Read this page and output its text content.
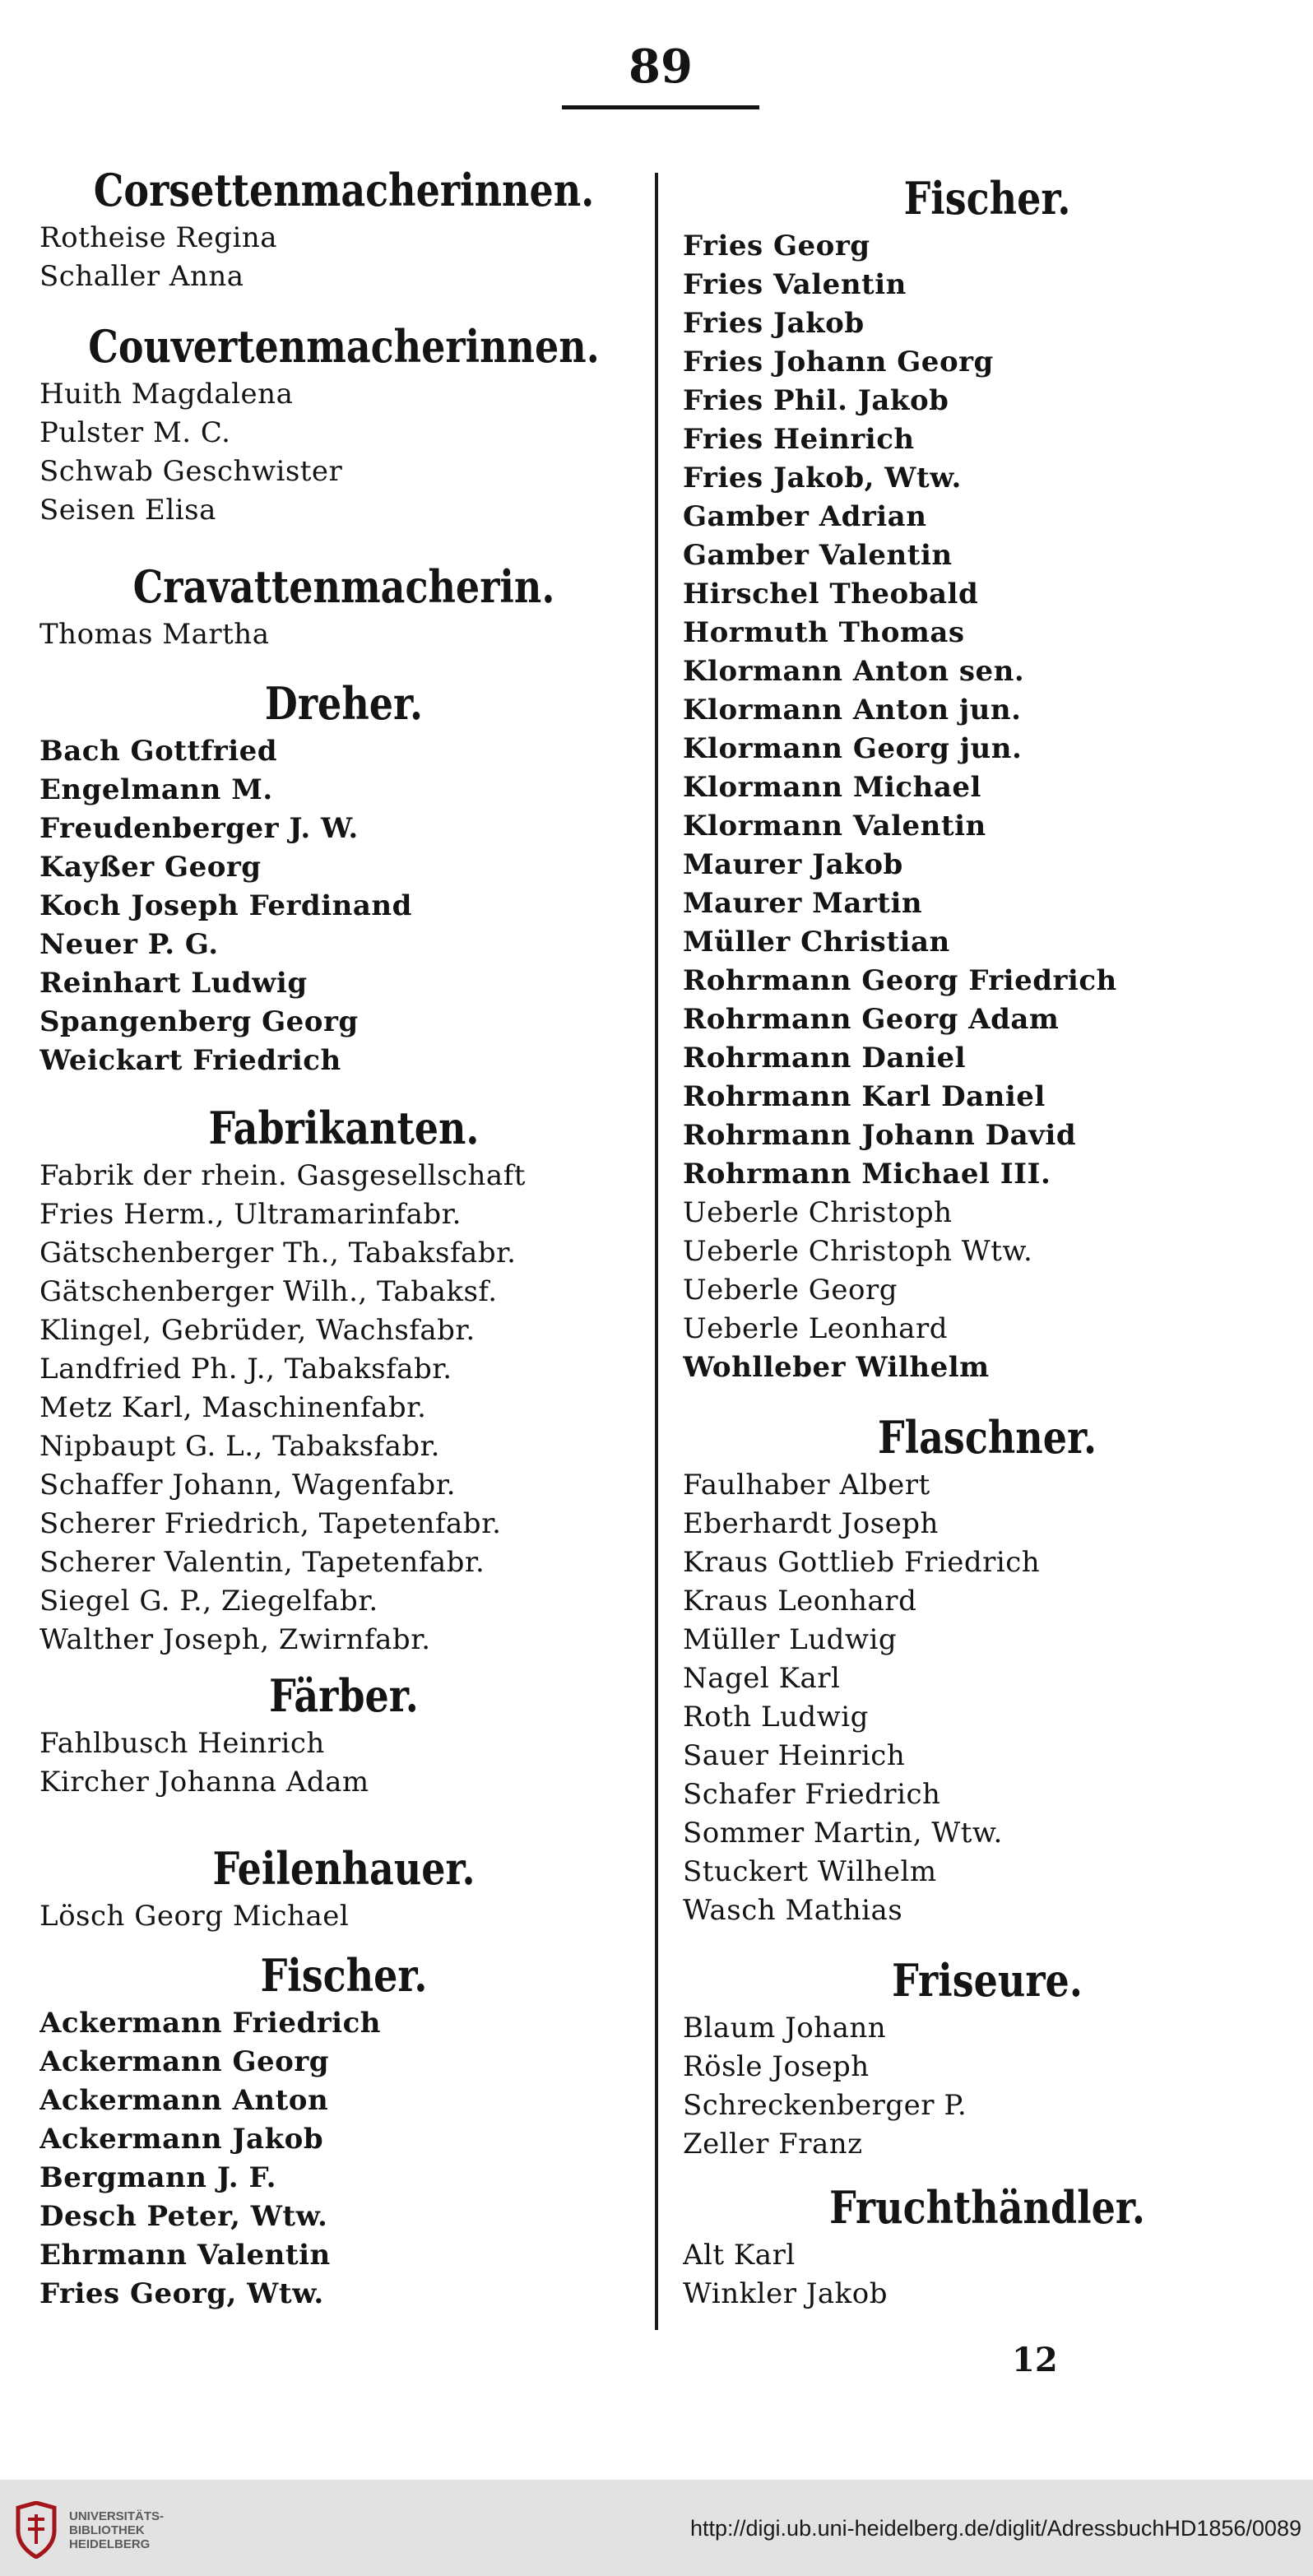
89
Corsettenmacherinnen.
Rotheise Regina
Schaller Anna
Couvertenmacherinnen.
Huith Magdalena
Pulster M. C.
Schwab Geschwister
Seisen Elisa
Cravattenmacherin.
Thomas Martha
Dreher.
Bach Gottfried
Engelmann M.
Freudenberger J. W.
Kayßer Georg
Koch Joseph Ferdinand
Neuer P. G.
Reinhart Ludwig
Spangenberg Georg
Weickart Friedrich
Fabrikanten.
Fabrik der rhein. Gasgesellschaft
Fries Herm., Ultramarinfabr.
Gätschenberger Th., Tabaksfabr.
Gätschenberger Wilh., Tabaksf.
Klingel, Gebrüder, Wachsfabr.
Landfried Ph. J., Tabaksfabr.
Metz Karl, Maschinenfabr.
Nipbaupt G. L., Tabaksfabr.
Schaffer Johann, Wagenfabr.
Scherer Friedrich, Tapetenfabr.
Scherer Valentin, Tapetenfabr.
Siegel G. P., Ziegelfabr.
Walther Joseph, Zwirnfabr.
Färber.
Fahlbusch Heinrich
Kircher Johanna Adam
Feilenhauer.
Lösch Georg Michael
Fischer.
Ackermann Friedrich
Ackermann Georg
Ackermann Anton
Ackermann Jakob
Bergmann J. F.
Desch Peter, Wtw.
Ehrmann Valentin
Fries Georg, Wtw.
Fischer.
Fries Georg
Fries Valentin
Fries Jakob
Fries Johann Georg
Fries Phil. Jakob
Fries Heinrich
Fries Jakob, Wtw.
Gamber Adrian
Gamber Valentin
Hirschel Theobald
Hormuth Thomas
Klormann Anton sen.
Klormann Anton jun.
Klormann Georg jun.
Klormann Michael
Klormann Valentin
Maurer Jakob
Maurer Martin
Müller Christian
Rohrmann Georg Friedrich
Rohrmann Georg Adam
Rohrmann Daniel
Rohrmann Karl Daniel
Rohrmann Johann David
Rohrmann Michael III.
Ueberle Christoph
Ueberle Christoph Wtw.
Ueberle Georg
Ueberle Leonhard
Wohlleber Wilhelm
Flaschner.
Faulhaber Albert
Eberhardt Joseph
Kraus Gottlieb Friedrich
Kraus Leonhard
Müller Ludwig
Nagel Karl
Roth Ludwig
Sauer Heinrich
Schafer Friedrich
Sommer Martin, Wtw.
Stuckert Wilhelm
Wasch Mathias
Friseure.
Blaum Johann
Rösle Joseph
Schreckenberger P.
Zeller Franz
Fruchthändler.
Alt Karl
Winkler Jakob
12
UNIVERSITÄTS-
BIBLIOTHEK
HEIDELBERG
http://digi.ub.uni-heidelberg.de/diglit/AdressbuchHD1856/0089
